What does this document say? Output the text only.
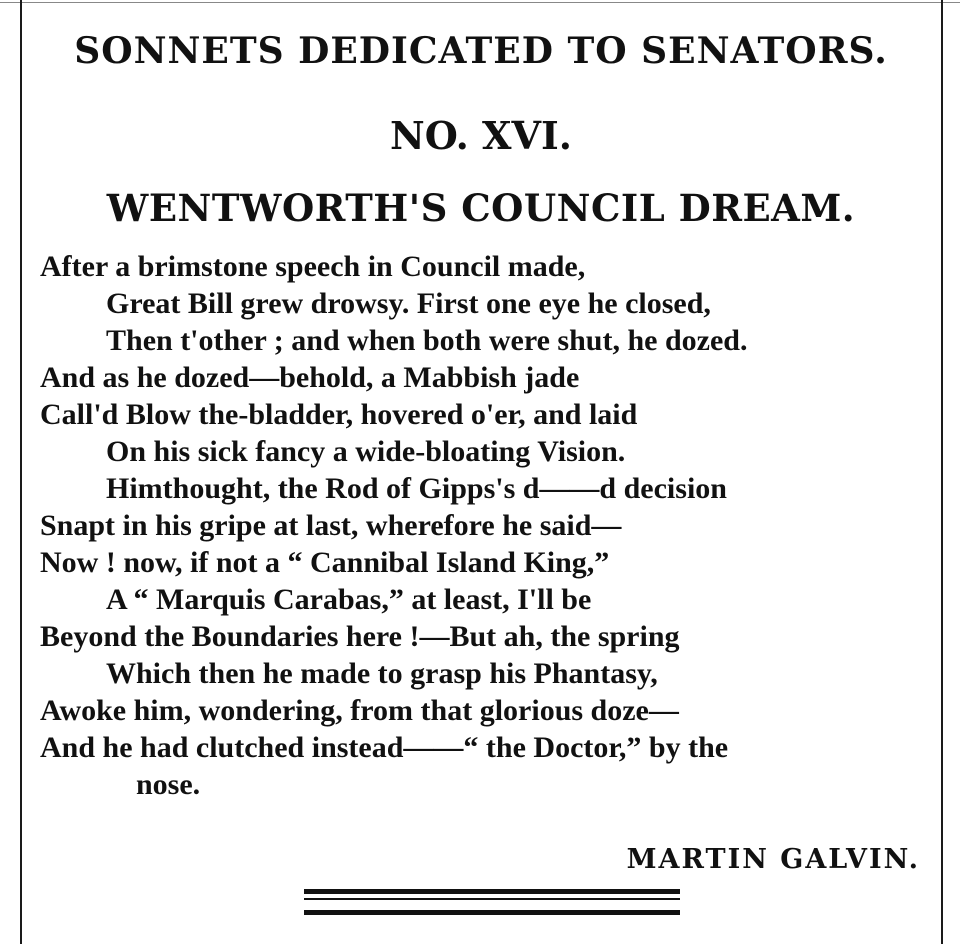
SONNETS DEDICATED TO SENATORS.
NO. XVI.
WENTWORTH'S COUNCIL DREAM.
After a brimstone speech in Council made,
Great Bill grew drowsy. First one eye he closed,
Then t'other ; and when both were shut, he dozed.
And as he dozed—behold, a Mabbish jade
Call'd Blow the-bladder, hovered o'er, and laid
On his sick fancy a wide-bloating Vision.
Himthought, the Rod of Gipps's d——d decision
Snapt in his gripe at last, wherefore he said—
Now ! now, if not a “ Cannibal Island King,”
A “ Marquis Carabas,” at least, I'll be
Beyond the Boundaries here !—But ah, the spring
Which then he made to grasp his Phantasy,
Awoke him, wondering, from that glorious doze—
And he had clutched instead——“ the Doctor,” by the
nose.
MARTIN GALVIN.
